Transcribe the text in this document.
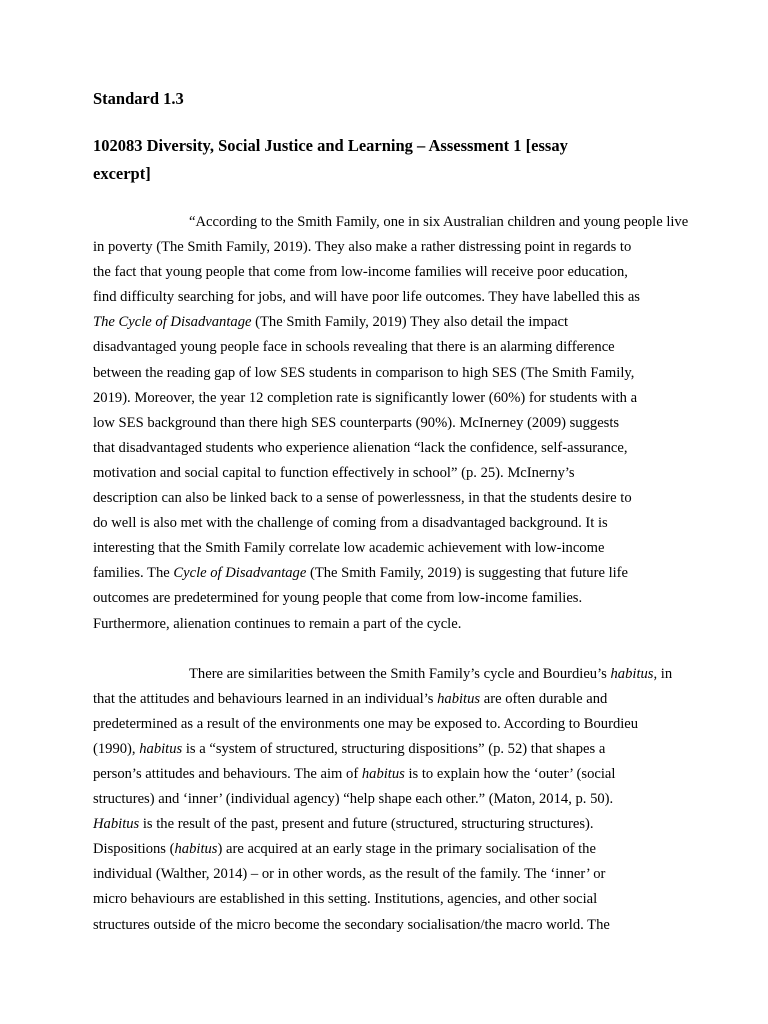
Standard 1.3

102083 Diversity, Social Justice and Learning – Assessment 1 [essay
excerpt]

“According to the Smith Family, one in six Australian children and young people live
in poverty (The Smith Family, 2019). They also make a rather distressing point in regards to
the fact that young people that come from low-income families will receive poor education,
find difficulty searching for jobs, and will have poor life outcomes. They have labelled this as
The Cycle of Disadvantage (The Smith Family, 2019) They also detail the impact
disadvantaged young people face in schools revealing that there is an alarming difference
between the reading gap of low SES students in comparison to high SES (The Smith Family,
2019). Moreover, the year 12 completion rate is significantly lower (60%) for students with a
low SES background than there high SES counterparts (90%). McInerney (2009) suggests
that disadvantaged students who experience alienation “lack the confidence, self-assurance,
motivation and social capital to function effectively in school” (p. 25). McInerny’s
description can also be linked back to a sense of powerlessness, in that the students desire to
do well is also met with the challenge of coming from a disadvantaged background. It is
interesting that the Smith Family correlate low academic achievement with low-income
families. The Cycle of Disadvantage (The Smith Family, 2019) is suggesting that future life
outcomes are predetermined for young people that come from low-income families.
Furthermore, alienation continues to remain a part of the cycle.
There are similarities between the Smith Family’s cycle and Bourdieu’s habitus, in
that the attitudes and behaviours learned in an individual’s habitus are often durable and
predetermined as a result of the environments one may be exposed to. According to Bourdieu
(1990), habitus is a “system of structured, structuring dispositions” (p. 52) that shapes a
person’s attitudes and behaviours. The aim of habitus is to explain how the ‘outer’ (social
structures) and ‘inner’ (individual agency) “help shape each other.” (Maton, 2014, p. 50).
Habitus is the result of the past, present and future (structured, structuring structures).
Dispositions (habitus) are acquired at an early stage in the primary socialisation of the
individual (Walther, 2014) – or in other words, as the result of the family. The ‘inner’ or
micro behaviours are established in this setting. Institutions, agencies, and other social
structures outside of the micro become the secondary socialisation/the macro world. The
